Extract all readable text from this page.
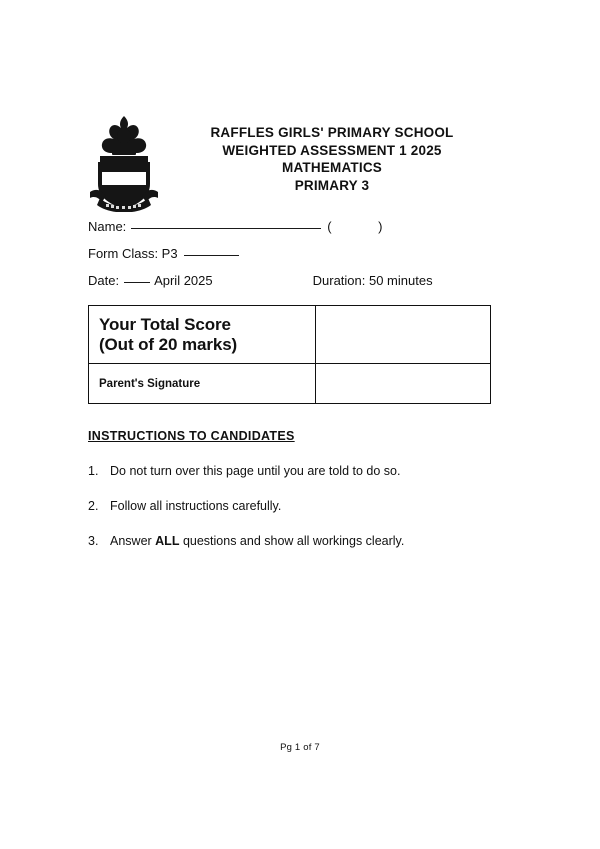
RAFFLES GIRLS' PRIMARY SCHOOL
WEIGHTED ASSESSMENT 1 2025
MATHEMATICS
PRIMARY 3
Name:	(
	)
Form Class: P3
Date:	April 2025	Duration: 50 minutes
Your Total Score
(Out of 20 marks)	

Parent's Signature	
INSTRUCTIONS TO CANDIDATES
1. Do not turn over this page until you are told to do so.
2. Follow all instructions carefully.
3. Answer ALL questions and show all workings clearly.
Pg 1 of 7
